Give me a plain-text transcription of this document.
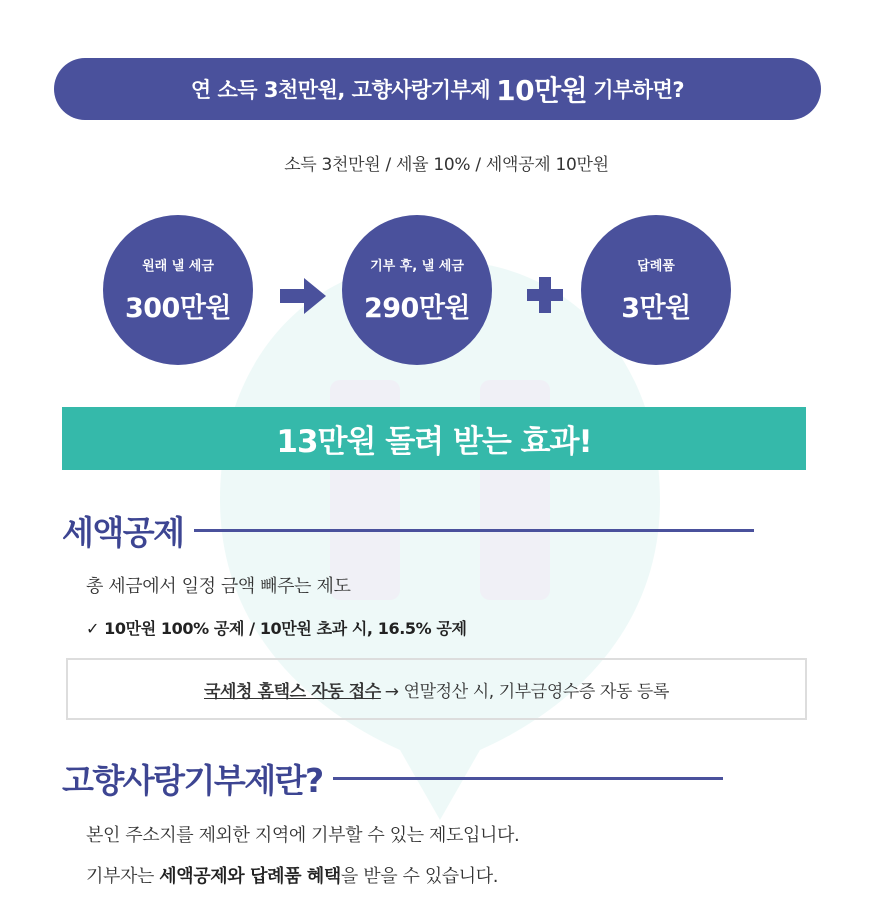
연 소득 3천만원, 고향사랑기부제 10만원 기부하면?
소득 3천만원 / 세율 10% / 세액공제 10만원
원래 낼 세금
300만원
기부 후, 낼 세금
290만원
답례품
3만원
13만원 돌려 받는 효과!
세액공제
총 세금에서 일정 금액 빼주는 제도
✓ 10만원 100% 공제 / 10만원 초과 시, 16.5% 공제
국세청 홈택스 자동 접수 → 연말정산 시, 기부금영수증 자동 등록
고향사랑기부제란?
본인 주소지를 제외한 지역에 기부할 수 있는 제도입니다.
기부자는 세액공제와 답례품 혜택을 받을 수 있습니다.
